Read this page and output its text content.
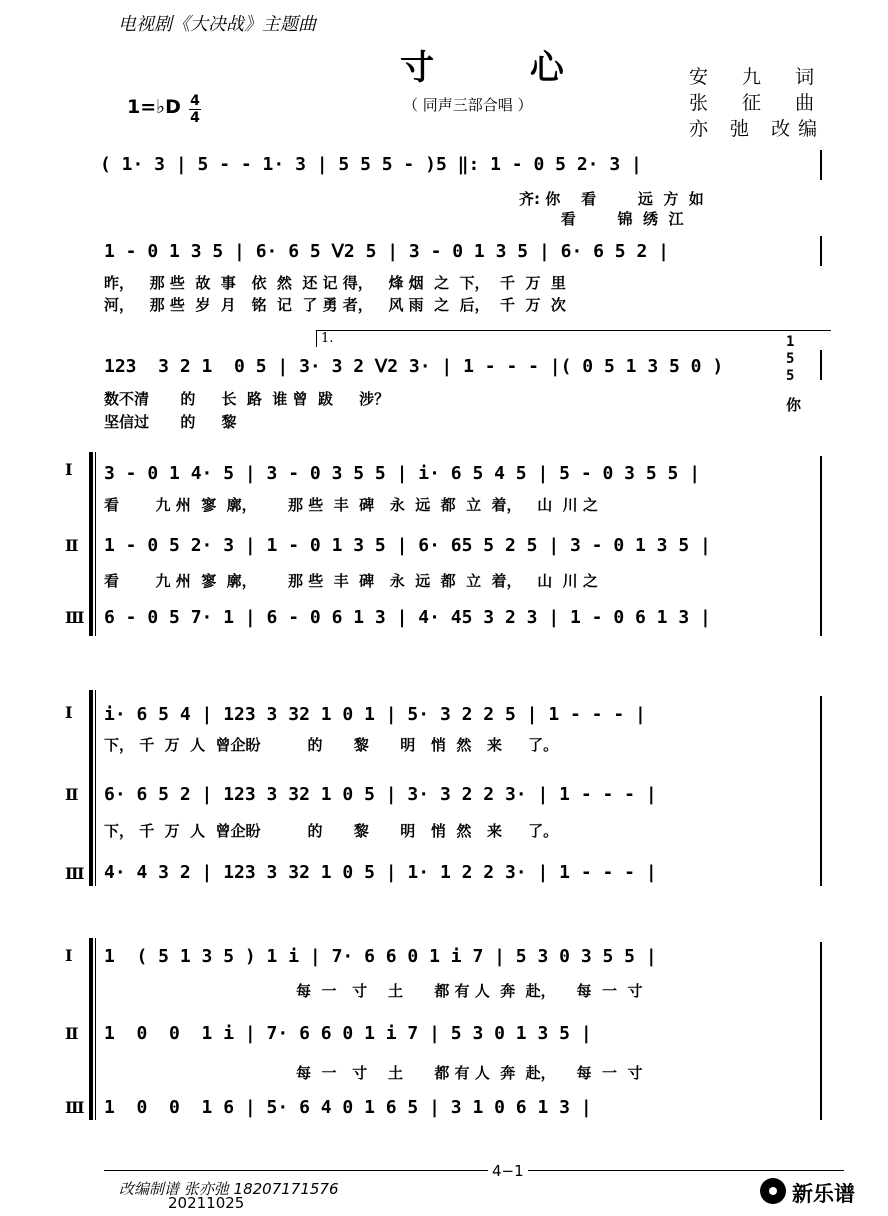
电视剧《大决战》主题曲
寸 心
（ 同声三部合唱 ）
安 九 词
张 征 曲
亦 弛 改编
1=♭D 4
4
( 1· 3 | 5 - - 1· 3 | 5 5 5 - )5 ‖: 1 - 0 5 2· 3 |
齐: 你    看        远  方  如
看        锦  绣  江
1 - 0 1 3 5 | 6· 6 5 ᐯ2 5 | 3 - 0 1 3 5 | 6· 6 5 2 |
昨，   那 些  故  事   依  然  还 记 得，   烽 烟  之  下，  千  万  里
河，   那 些  岁  月   铭  记  了 勇 者，   风 雨  之  后，  千  万  次
1.
123  3 2 1  0 5 | 3· 3 2 ᐯ2 3· | 1 - - - |( 0 5 1 3 5 0 )
1
5
5
数不清      的     长  路  谁 曾  跋     涉？	你
坚信过      的     黎
Ⅰ 3 - 0 1 4· 5 | 3 - 0 3 5 5 | i· 6 5 4 5 | 5 - 0 3 5 5 |
看       九 州  寥  廓，      那 些  丰  碑   永  远  都  立  着，   山  川 之
Ⅱ 1 - 0 5 2· 3 | 1 - 0 1 3 5 | 6· 65 5 2 5 | 3 - 0 1 3 5 |
看       九 州  寥  廓，      那 些  丰  碑   永  远  都  立  着，   山  川 之
Ⅲ 6 - 0 5 7· 1 | 6 - 0 6 1 3 | 4· 45 3 2 3 | 1 - 0 6 1 3 |
Ⅰ i· 6 5 4 | 123 3 32 1 0 1 | 5· 3 2 2 5 | 1 - - - |
下， 千  万  人  曾企盼         的      黎      明   悄  然   来     了。
Ⅱ 6· 6 5 2 | 123 3 32 1 0 5 | 3· 3 2 2 3· | 1 - - - |
下， 千  万  人  曾企盼         的      黎      明   悄  然   来     了。
Ⅲ 4· 4 3 2 | 123 3 32 1 0 5 | 1· 1 2 2 3· | 1 - - - |
Ⅰ 1  ( 5 1 3 5 ) 1 i | 7· 6 6 0 1 i 7 | 5 3 0 3 5 5 |
每  一   寸    土      都 有 人  奔  赴，    每  一  寸
Ⅱ 1  0  0  1 i | 7· 6 6 0 1 i 7 | 5 3 0 1 3 5 |
每  一   寸    土      都 有 人  奔  赴，    每  一  寸
Ⅲ 1  0  0  1 6 | 5· 6 4 0 1 6 5 | 3 1 0 6 1 3 |
4−1
改编制谱 张亦弛 18207171576
20211025	新乐谱
